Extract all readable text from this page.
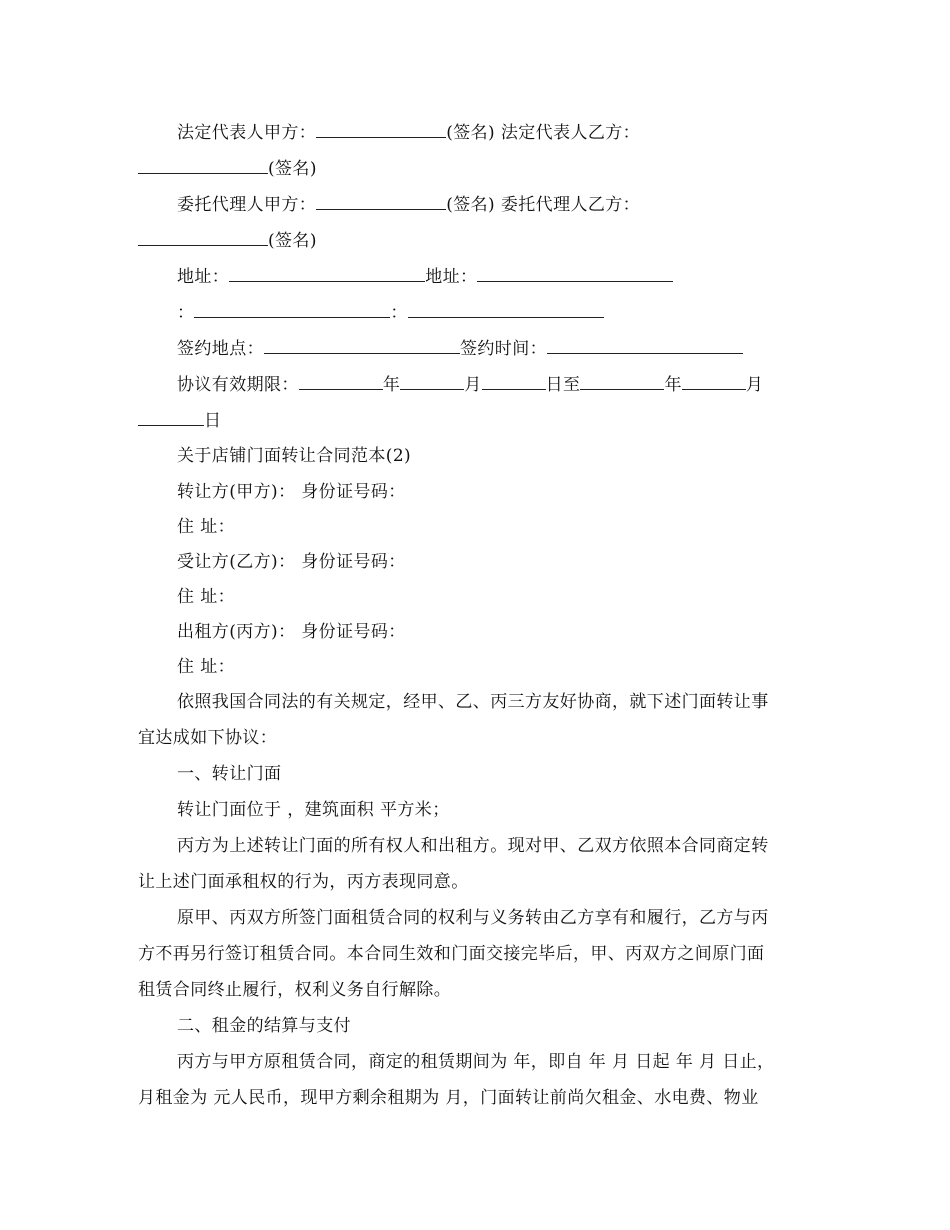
法定代表人甲方：	(签名) 法定代表人乙方：
(签名)
委托代理人甲方：	(签名) 委托代理人乙方：
(签名)
地址：	地址：
：	：
签约地点：	签约时间：
协议有效期限：	年	月	日至	年	月
日
关于店铺门面转让合同范本(2)
转让方(甲方)： 身份证号码：
住 址：
受让方(乙方)： 身份证号码：
住 址：
出租方(丙方)： 身份证号码：
住 址：
依照我国合同法的有关规定，经甲、乙、丙三方友好协商，就下述门面转让事
宜达成如下协议：
一、转让门面
转让门面位于 ，建筑面积 平方米；
丙方为上述转让门面的所有权人和出租方。现对甲、乙双方依照本合同商定转
让上述门面承租权的行为，丙方表现同意。
原甲、丙双方所签门面租赁合同的权利与义务转由乙方享有和履行，乙方与丙
方不再另行签订租赁合同。本合同生效和门面交接完毕后，甲、丙双方之间原门面
租赁合同终止履行，权利义务自行解除。
二、租金的结算与支付
丙方与甲方原租赁合同，商定的租赁期间为 年，即自 年 月 日起 年 月 日止，
月租金为 元人民币，现甲方剩余租期为 月，门面转让前尚欠租金、水电费、物业
